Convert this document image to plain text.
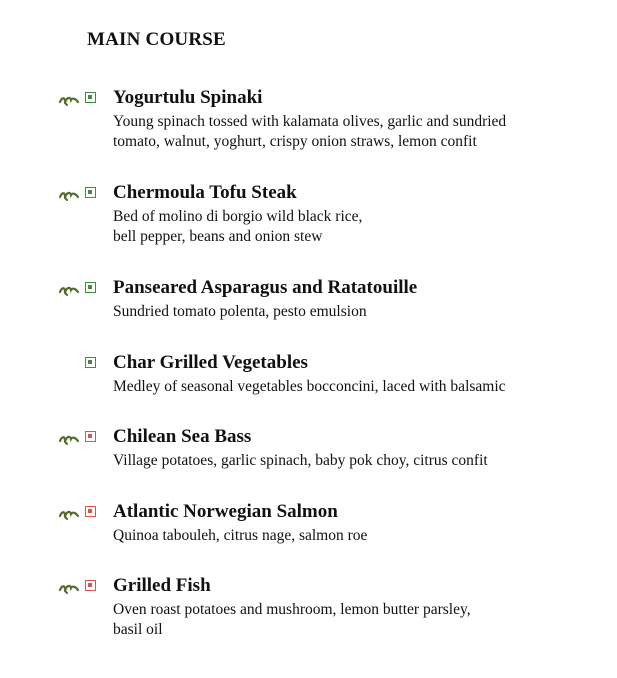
MAIN COURSE
Yogurtulu Spinaki

Young spinach tossed with kalamata olives, garlic and sundried
tomato, walnut, yoghurt, crispy onion straws, lemon confit

Chermoula Tofu Steak

Bed of molino di borgio wild black rice,
bell pepper, beans and onion stew

Panseared Asparagus and Ratatouille

Sundried tomato polenta, pesto emulsion

Char Grilled Vegetables

Medley of seasonal vegetables bocconcini, laced with balsamic

Chilean Sea Bass

Village potatoes, garlic spinach, baby pok choy, citrus confit

Atlantic Norwegian Salmon

Quinoa tabouleh, citrus nage, salmon roe

Grilled Fish

Oven roast potatoes and mushroom, lemon butter parsley,
basil oil
